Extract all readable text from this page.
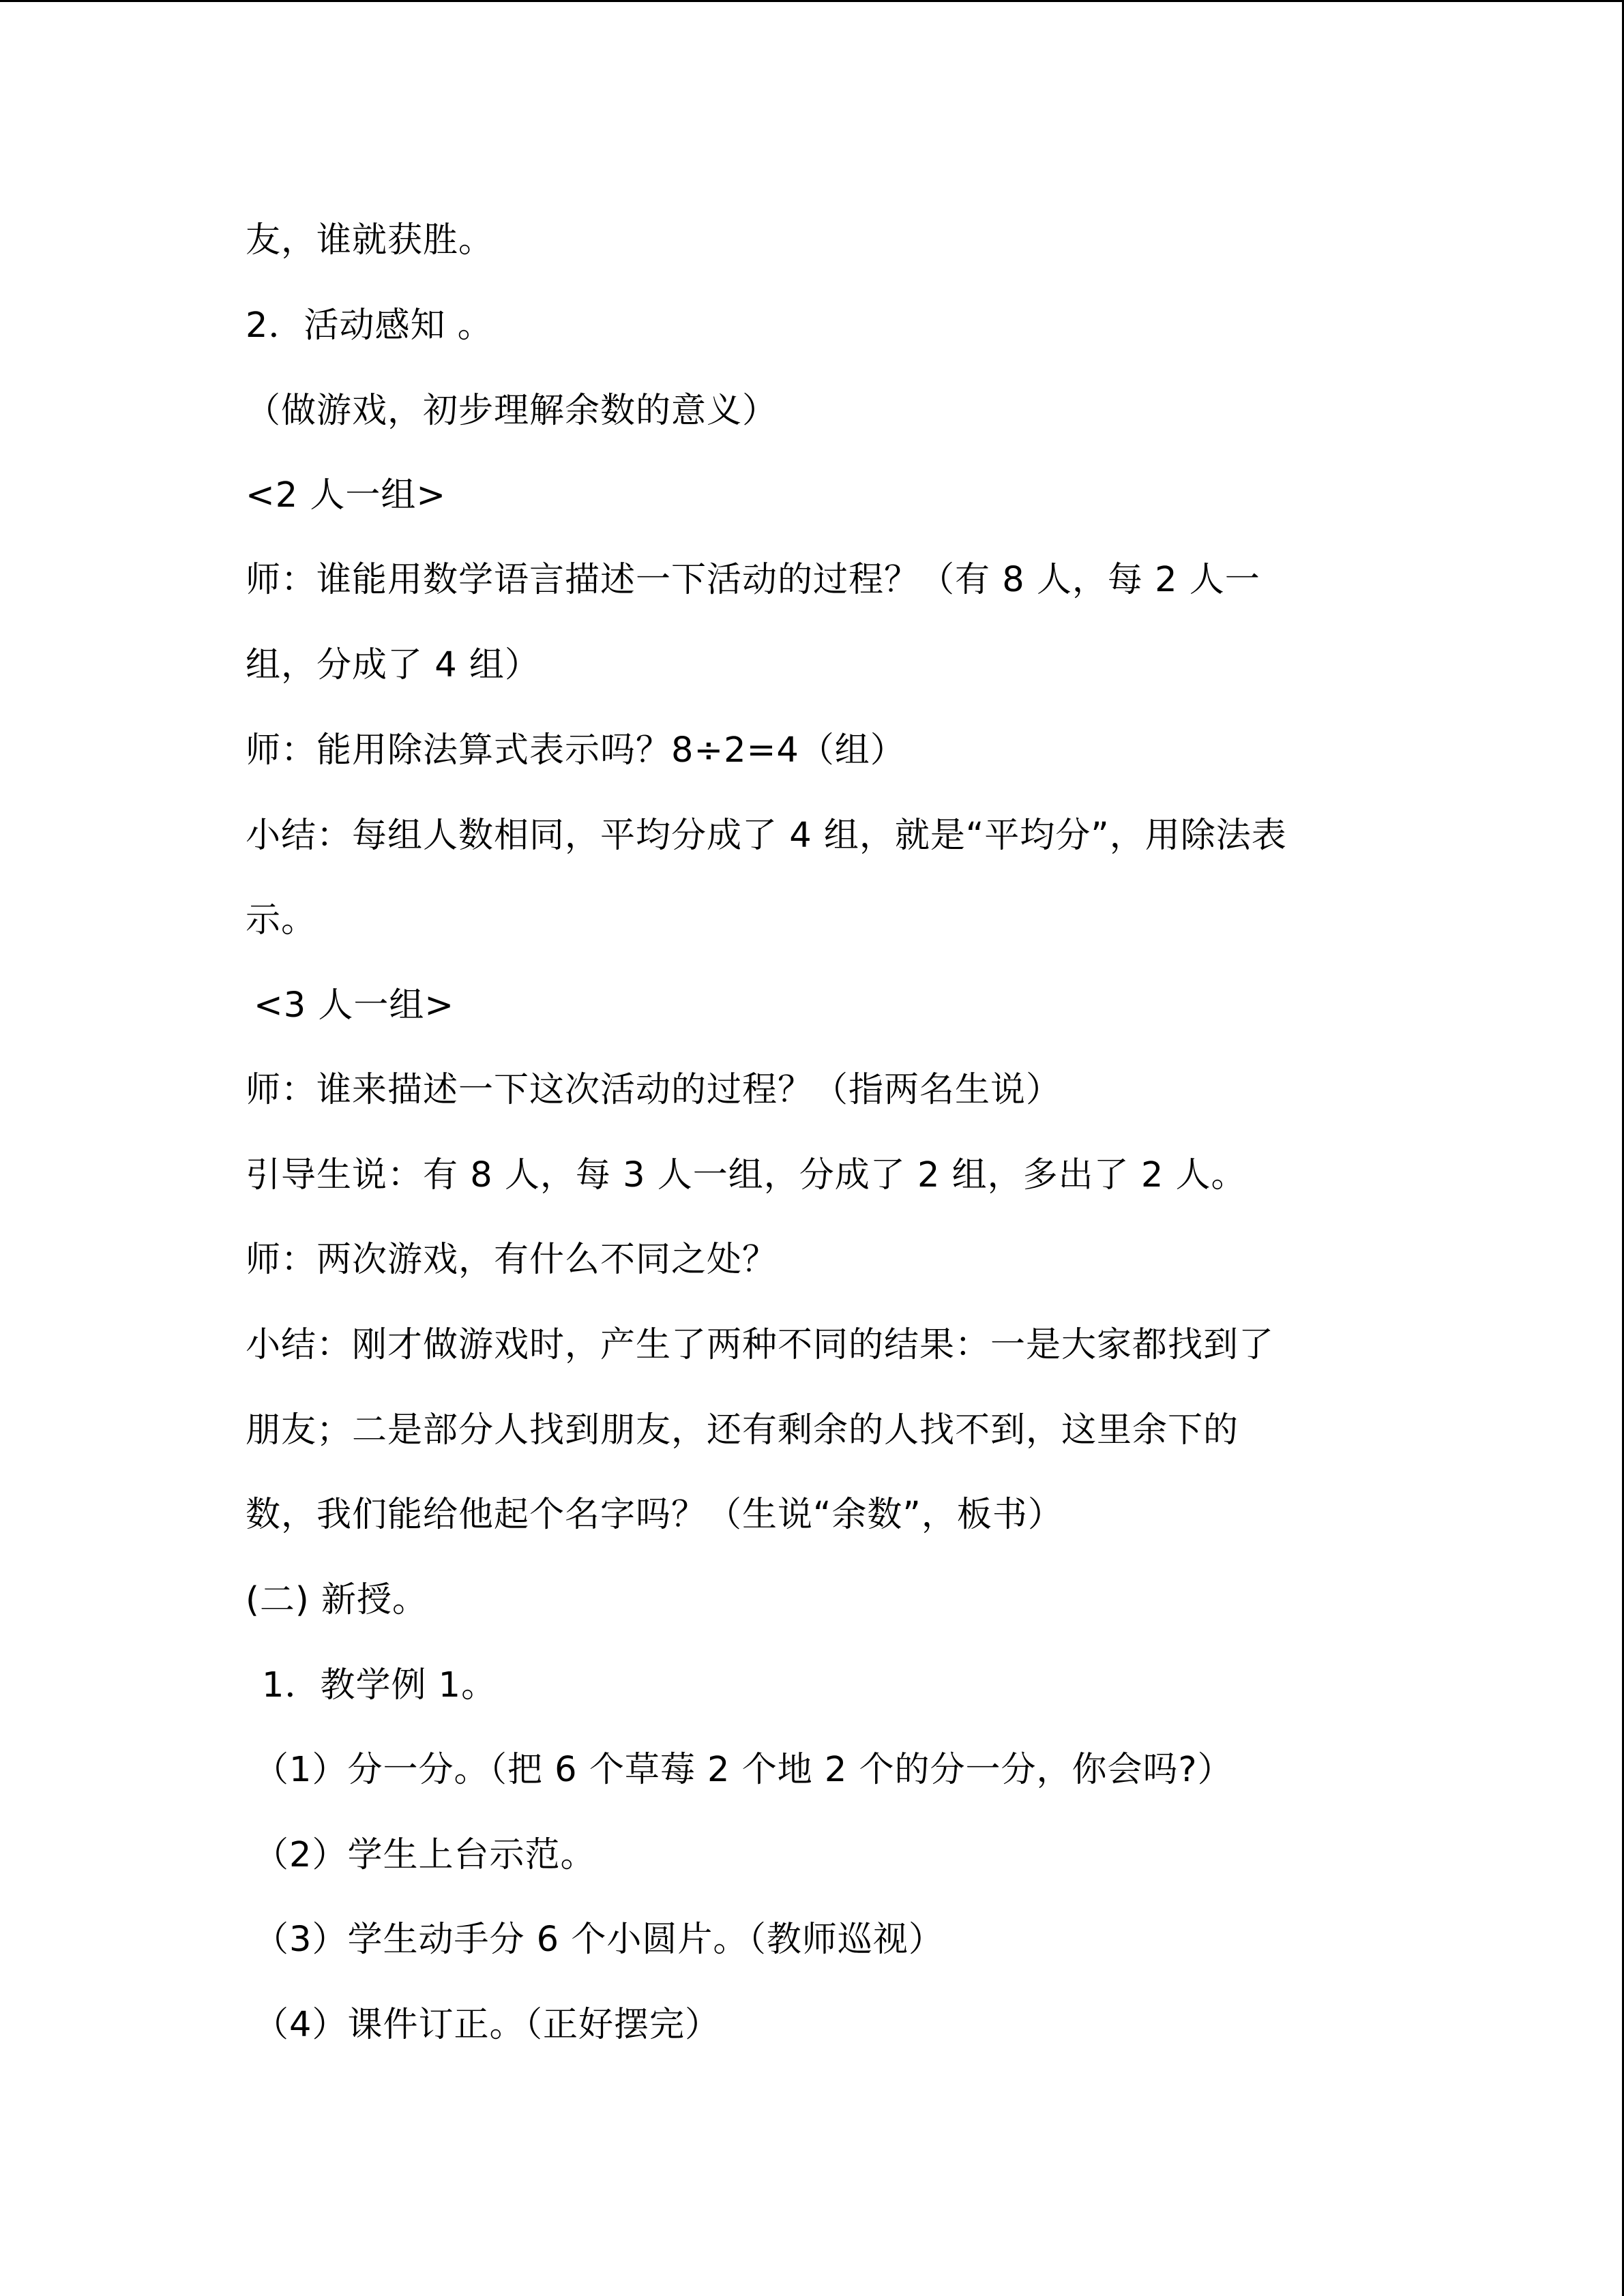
友，谁就获胜。
2．活动感知 。
（做游戏，初步理解余数的意义）
<2 人一组>
师：谁能用数学语言描述一下活动的过程？（有 8 人，每 2 人一
组，分成了 4 组）
师：能用除法算式表示吗？8÷2=4（组）
小结：每组人数相同，平均分成了 4 组，就是“平均分”，用除法表
示。
<3 人一组>
师：谁来描述一下这次活动的过程？（指两名生说）
引导生说：有 8 人，每 3 人一组，分成了 2 组，多出了 2 人。
师：两次游戏，有什么不同之处？
小结：刚才做游戏时，产生了两种不同的结果：一是大家都找到了
朋友；二是部分人找到朋友，还有剩余的人找不到，这里余下的
数，我们能给他起个名字吗？（生说“余数”，板书）
(二) 新授。
1．教学例 1。
（1）分一分。（把 6 个草莓 2 个地 2 个的分一分，你会吗?）
（2）学生上台示范。
（3）学生动手分 6 个小圆片。（教师巡视）
（4）课件订正。（正好摆完）
